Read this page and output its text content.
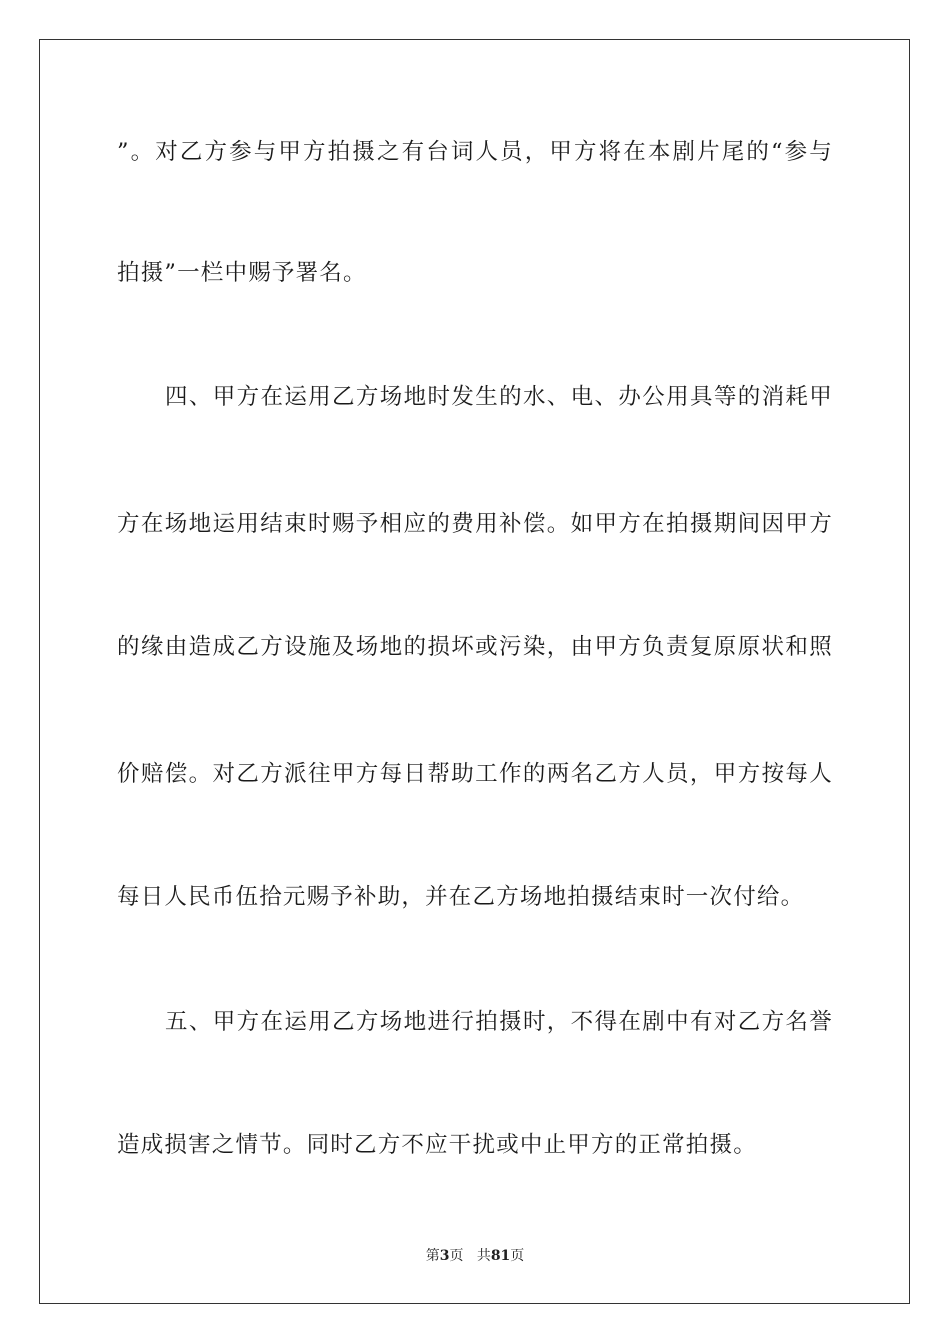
”。对乙方参与甲方拍摄之有台词人员，甲方将在本剧片尾的“参与
拍摄”一栏中赐予署名。
四、甲方在运用乙方场地时发生的水、电、办公用具等的消耗甲
方在场地运用结束时赐予相应的费用补偿。如甲方在拍摄期间因甲方
的缘由造成乙方设施及场地的损坏或污染，由甲方负责复原原状和照
价赔偿。对乙方派往甲方每日帮助工作的两名乙方人员，甲方按每人
每日人民币伍拾元赐予补助，并在乙方场地拍摄结束时一次付给。
五、甲方在运用乙方场地进行拍摄时，不得在剧中有对乙方名誉
造成损害之情节。同时乙方不应干扰或中止甲方的正常拍摄。
第3页 共81页
